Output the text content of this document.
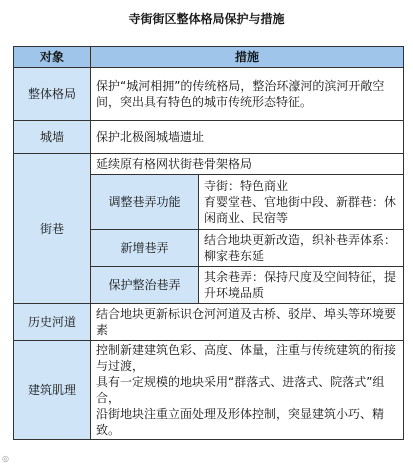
寺街街区整体格局保护与措施
对象	措施	
整体格局	保护“城河相拥”的传统格局，整治环濠河的滨河开敞空间，突出具有特色的城市传统形态特征。	
城墙	保护北极阁城墙遗址	
街巷	延续原有格网状街巷骨架格局	
	调整巷弄功能	寺街：特色商业
育婴堂巷、官地街中段、新群巷：休闲商业、民宿等

	新增巷弄	结合地块更新改造，织补巷弄体系：柳家巷东延
	保护整治巷弄	其余巷弄：保持尺度及空间特征，提升环境品质
历史河道	结合地块更新标识仓河河道及古桥、驳岸、埠头等环境要素	
建筑肌理	控制新建建筑色彩、高度、体量，注重与传统建筑的衔接与过渡，
具有一定规模的地块采用“群落式、进落式、院落式”组合，
沿街地块注重立面处理及形体控制，突显建筑小巧、精致。	
◎
